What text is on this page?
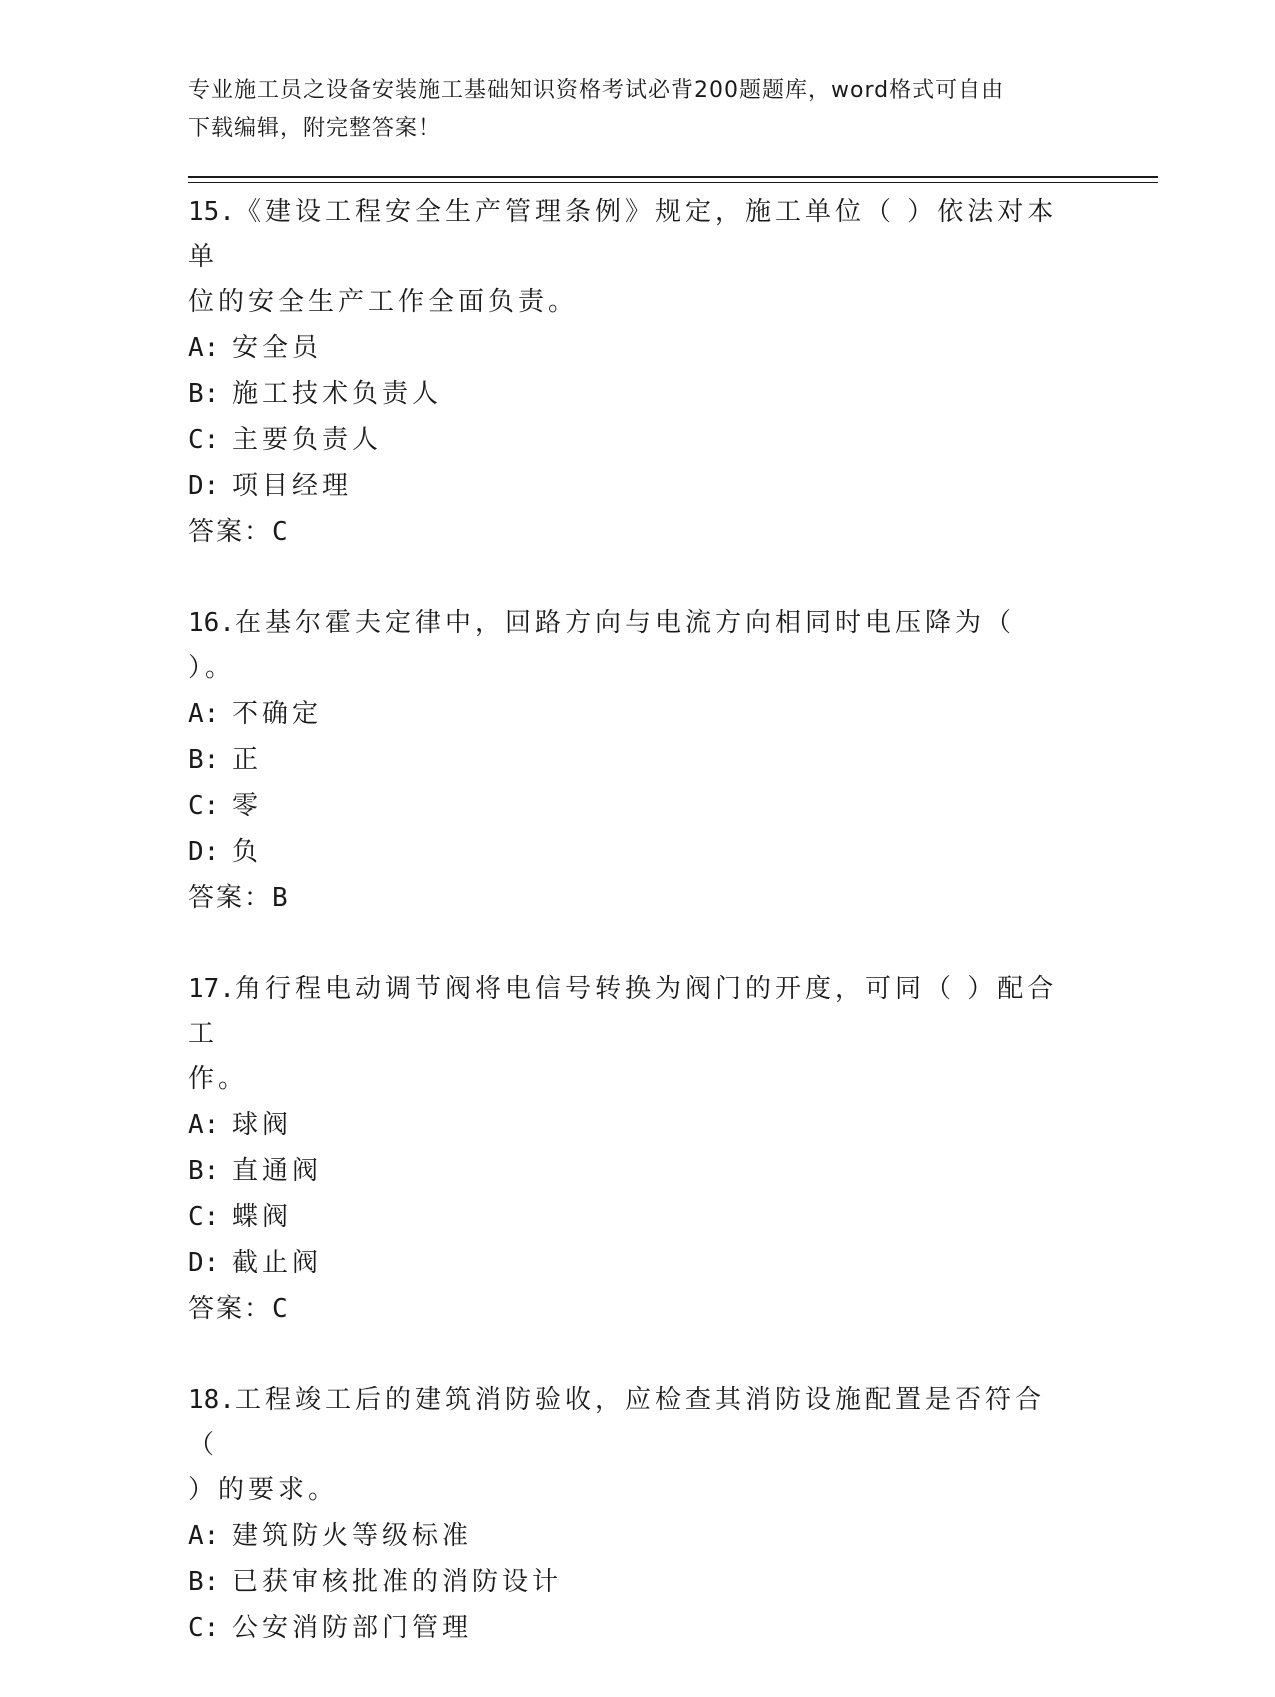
专业施工员之设备安装施工基础知识资格考试必背200题题库，word格式可自由
下载编辑，附完整答案！
15.《建设工程安全生产管理条例》规定，施工单位（ ）依法对本单
位的安全生产工作全面负责。
A: 安全员
B: 施工技术负责人
C: 主要负责人
D: 项目经理
答案：C
16.在基尔霍夫定律中，回路方向与电流方向相同时电压降为（ ）。
A: 不确定
B: 正
C: 零
D: 负
答案：B
17.角行程电动调节阀将电信号转换为阀门的开度，可同（ ）配合工
作。
A: 球阀
B: 直通阀
C: 蝶阀
D: 截止阀
答案：C
18.工程竣工后的建筑消防验收，应检查其消防设施配置是否符合（
）的要求。
A: 建筑防火等级标准
B: 已获审核批准的消防设计
C: 公安消防部门管理
